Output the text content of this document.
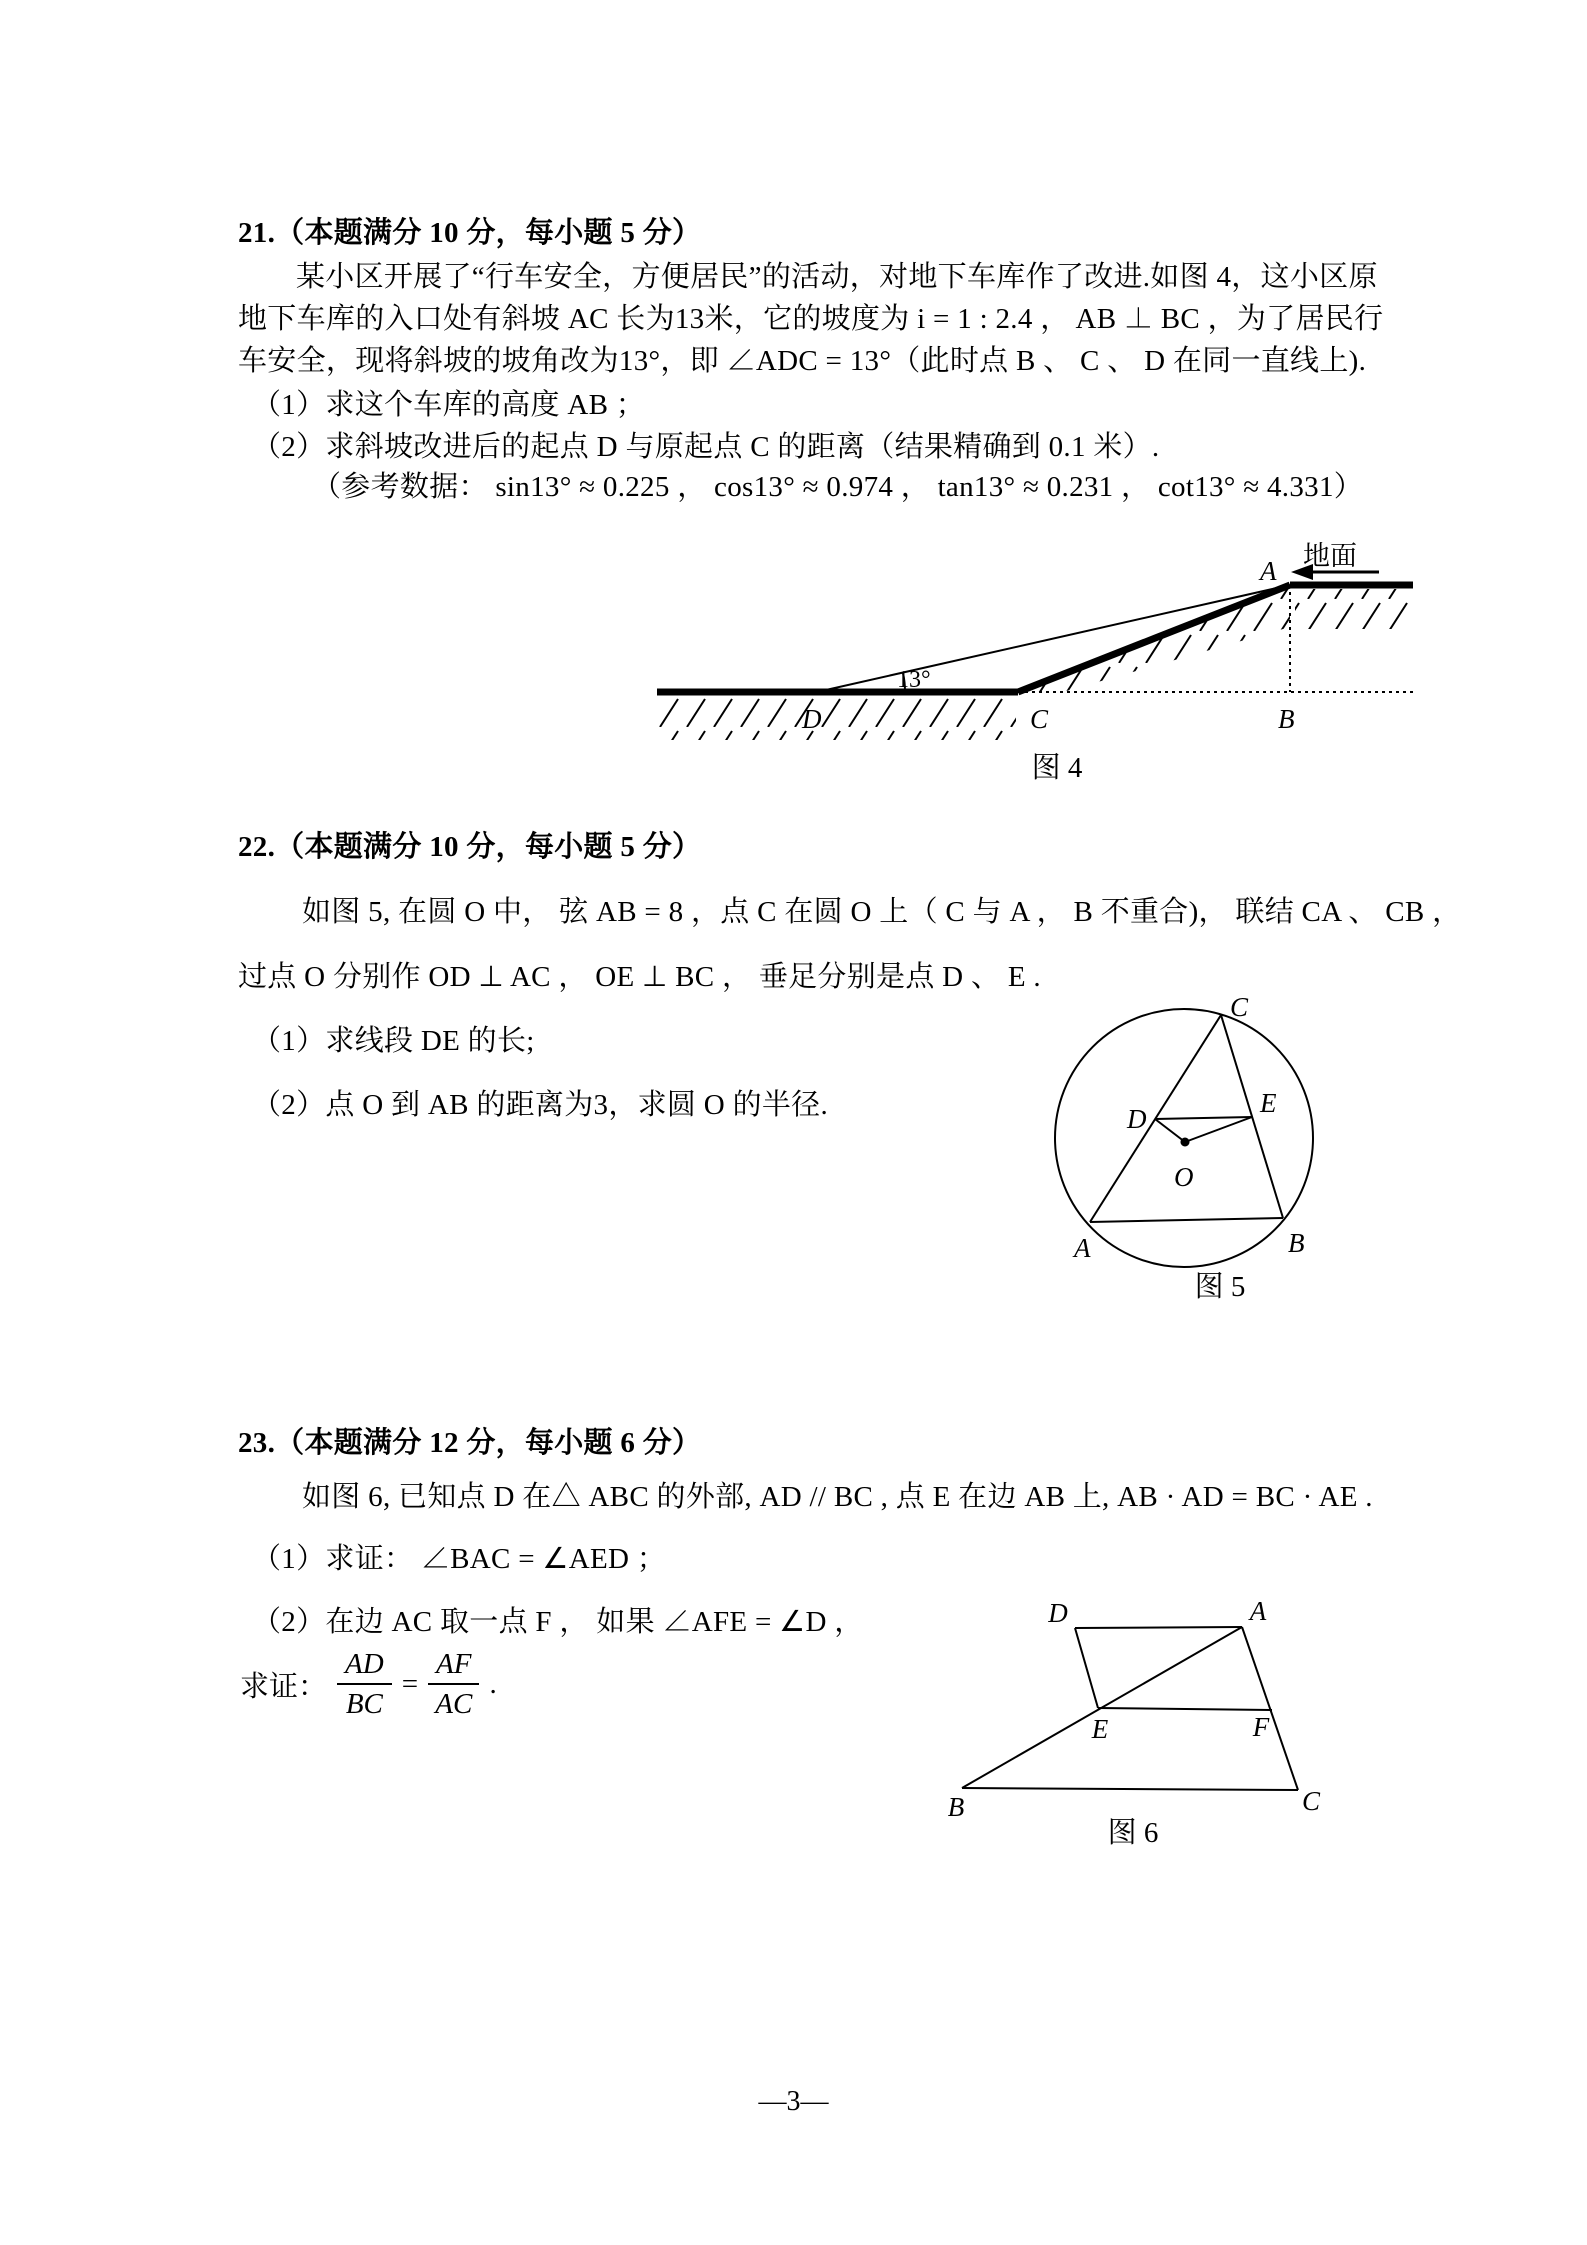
21.（本题满分 10 分，每小题 5 分）
某小区开展了“行车安全，方便居民”的活动，对地下车库作了改进.如图 4，这小区原
地下车库的入口处有斜坡 AC 长为13米，它的坡度为 i = 1 : 2.4 ， AB ⊥ BC ，为了居民行
车安全，现将斜坡的坡角改为13°，即 ∠ADC = 13°（此时点 B 、 C 、 D 在同一直线上).
（1）求这个车库的高度 AB ；
（2）求斜坡改进后的起点 D 与原起点 C 的距离（结果精确到 0.1 米）.
（参考数据： sin13° ≈ 0.225 ， cos13° ≈ 0.974 ， tan13° ≈ 0.231 ， cot13° ≈ 4.331）
A 地面
B
C
D
13°
图 4
22.（本题满分 10 分，每小题 5 分）
如图 5, 在圆 O 中， 弦 AB = 8 ，点 C 在圆 O 上（ C 与 A ， B 不重合)， 联结 CA 、 CB ，
过点 O 分别作 OD ⊥ AC ， OE ⊥ BC ， 垂足分别是点 D 、 E .
（1）求线段 DE 的长;
（2）点 O 到 AB 的距离为3，求圆 O 的半径.
C
A	B
D
E
O
图 5
23.（本题满分 12 分，每小题 6 分）
如图 6, 已知点 D 在△ ABC 的外部, AD // BC , 点 E 在边 AB 上, AB · AD = BC · AE .
（1）求证： ∠BAC = ∠AED ；
（2）在边 AC 取一点 F ， 如果 ∠AFE = ∠D ，
求证： $\frac{AD}{BC} = \frac{AF}{AC}$ .
D	A
E	F
B	C
图 6
—3—
